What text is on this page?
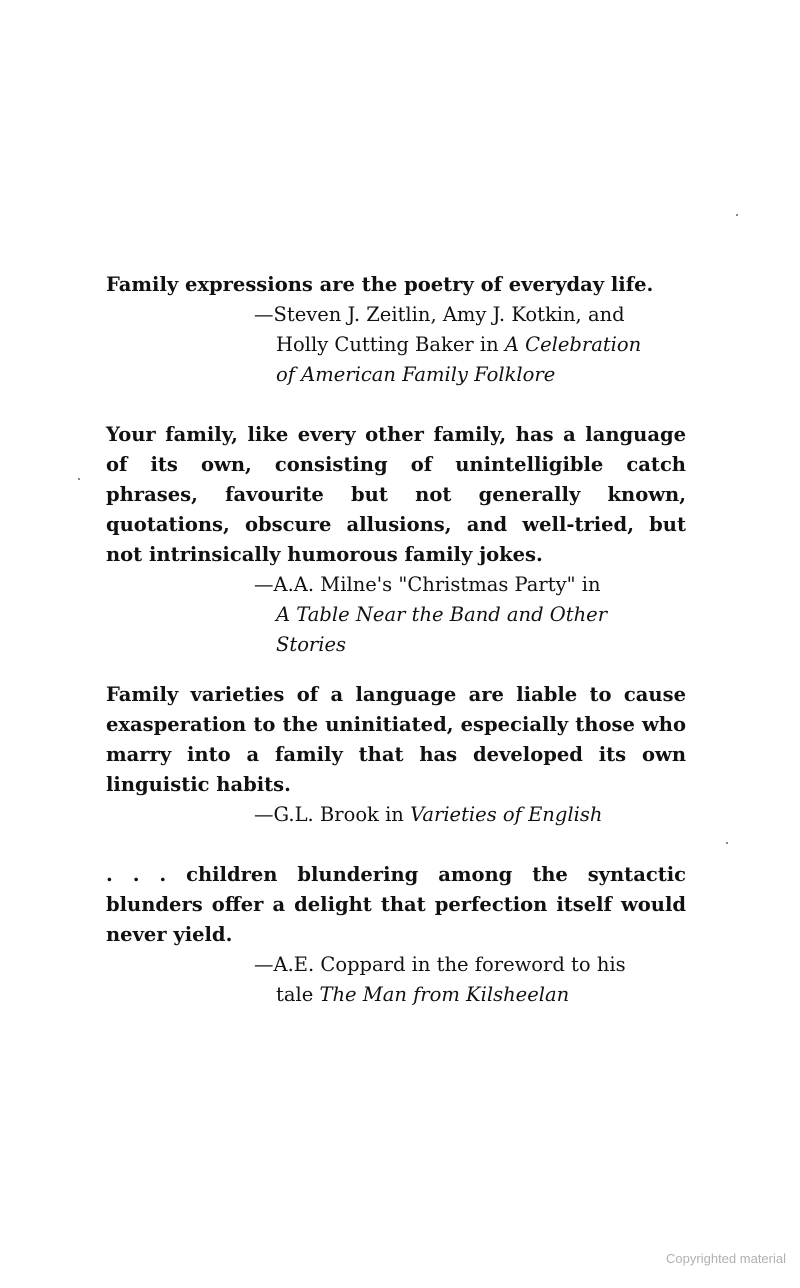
Family expressions are the poetry of everyday life.

—Steven J. Zeitlin, Amy J. Kotkin, and
Holly Cutting Baker in A Celebration
of American Family Folklore

Your family, like every other family, has a language of its own, consisting of unintelligible catch phrases, favourite but not generally known, quotations, obscure allusions, and well-tried, but not intrinsically humorous family jokes.

—A.A. Milne's "Christmas Party" in
A Table Near the Band and Other
Stories

Family varieties of a language are liable to cause exasperation to the uninitiated, especially those who marry into a family that has developed its own linguistic habits.

—G.L. Brook in Varieties of English

. . . children blundering among the syntactic blunders offer a delight that perfection itself would never yield.

—A.E. Coppard in the foreword to his
tale The Man from Kilsheelan

Copyrighted material
